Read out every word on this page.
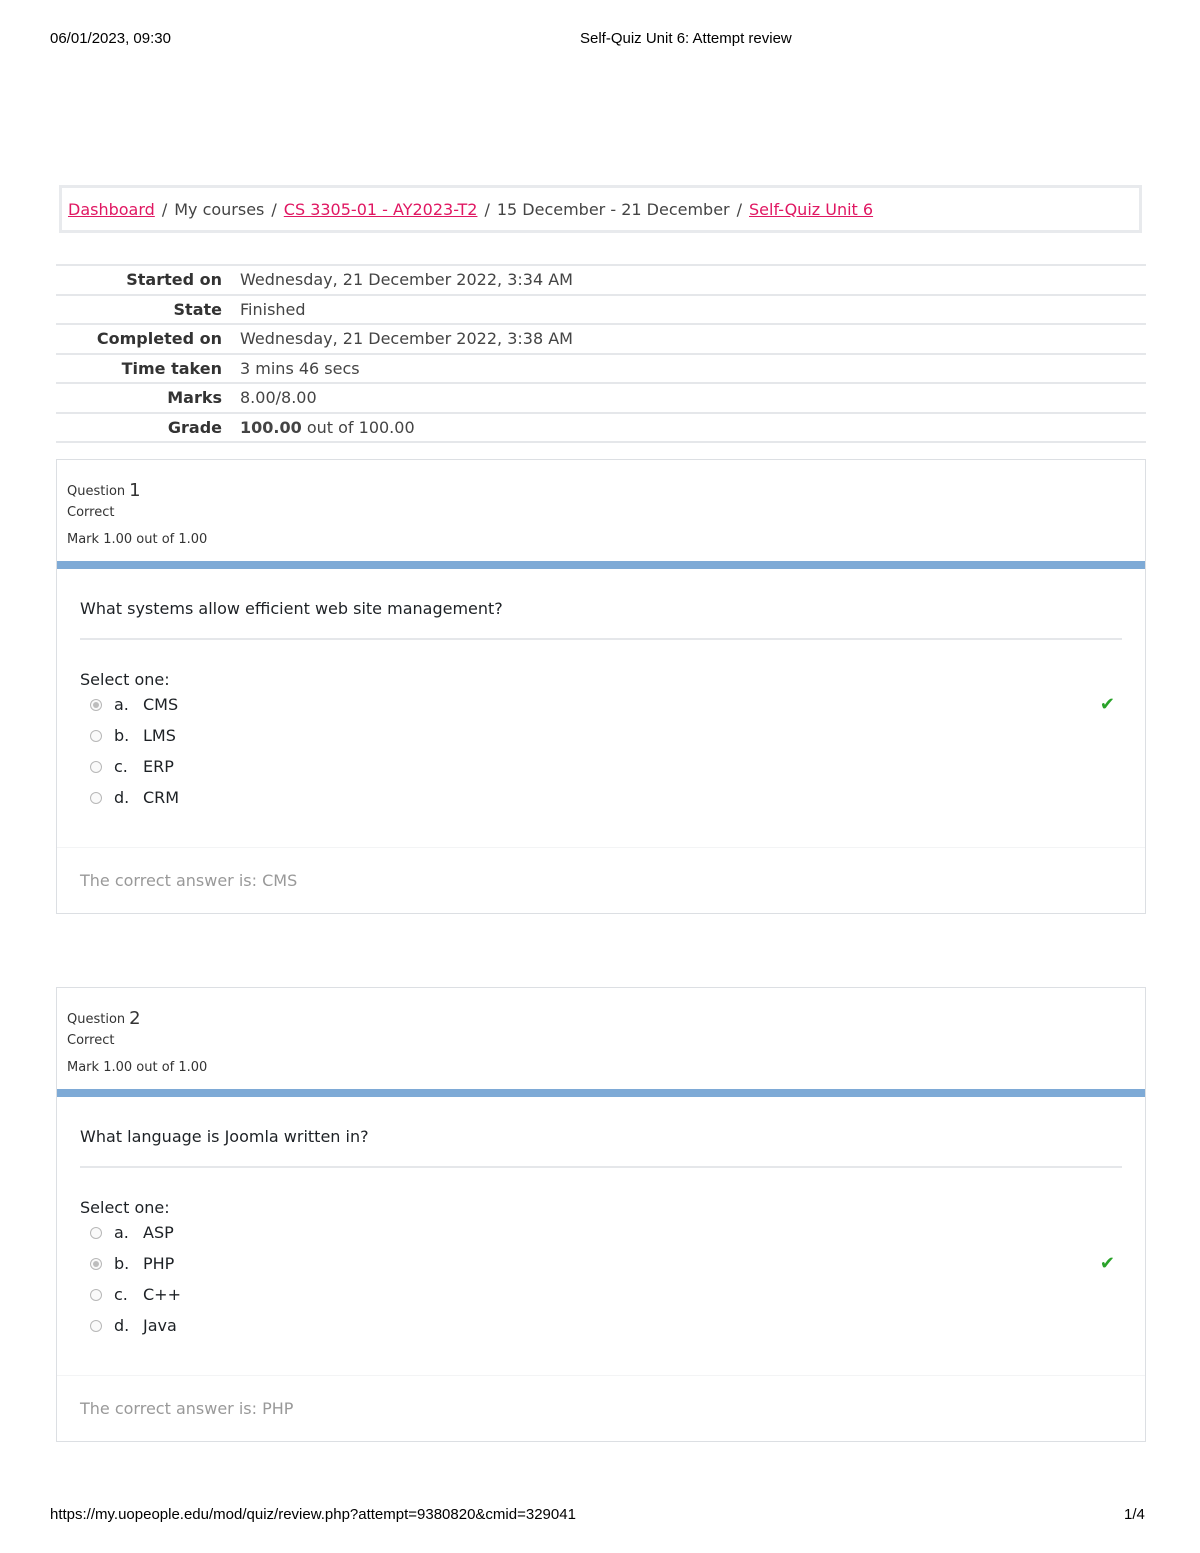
06/01/2023, 09:30	Self-Quiz Unit 6: Attempt review
Dashboard / My courses / CS 3305-01 - AY2023-T2 / 15 December - 21 December / Self-Quiz Unit 6
Started on	Wednesday, 21 December 2022, 3:34 AM
State	Finished
Completed on	Wednesday, 21 December 2022, 3:38 AM
Time taken	3 mins 46 secs
Marks	8.00/8.00
Grade	100.00 out of 100.00
Question 1
Correct
Mark 1.00 out of 1.00
What systems allow efficient web site management?
Select one:
a. CMS	✔
b. LMS
c. ERP
d. CRM
The correct answer is: CMS
Question 2
Correct
Mark 1.00 out of 1.00
What language is Joomla written in?
Select one:
a. ASP
b. PHP	✔
c. C++
d. Java
The correct answer is: PHP
https://my.uopeople.edu/mod/quiz/review.php?attempt=9380820&cmid=329041	1/4
